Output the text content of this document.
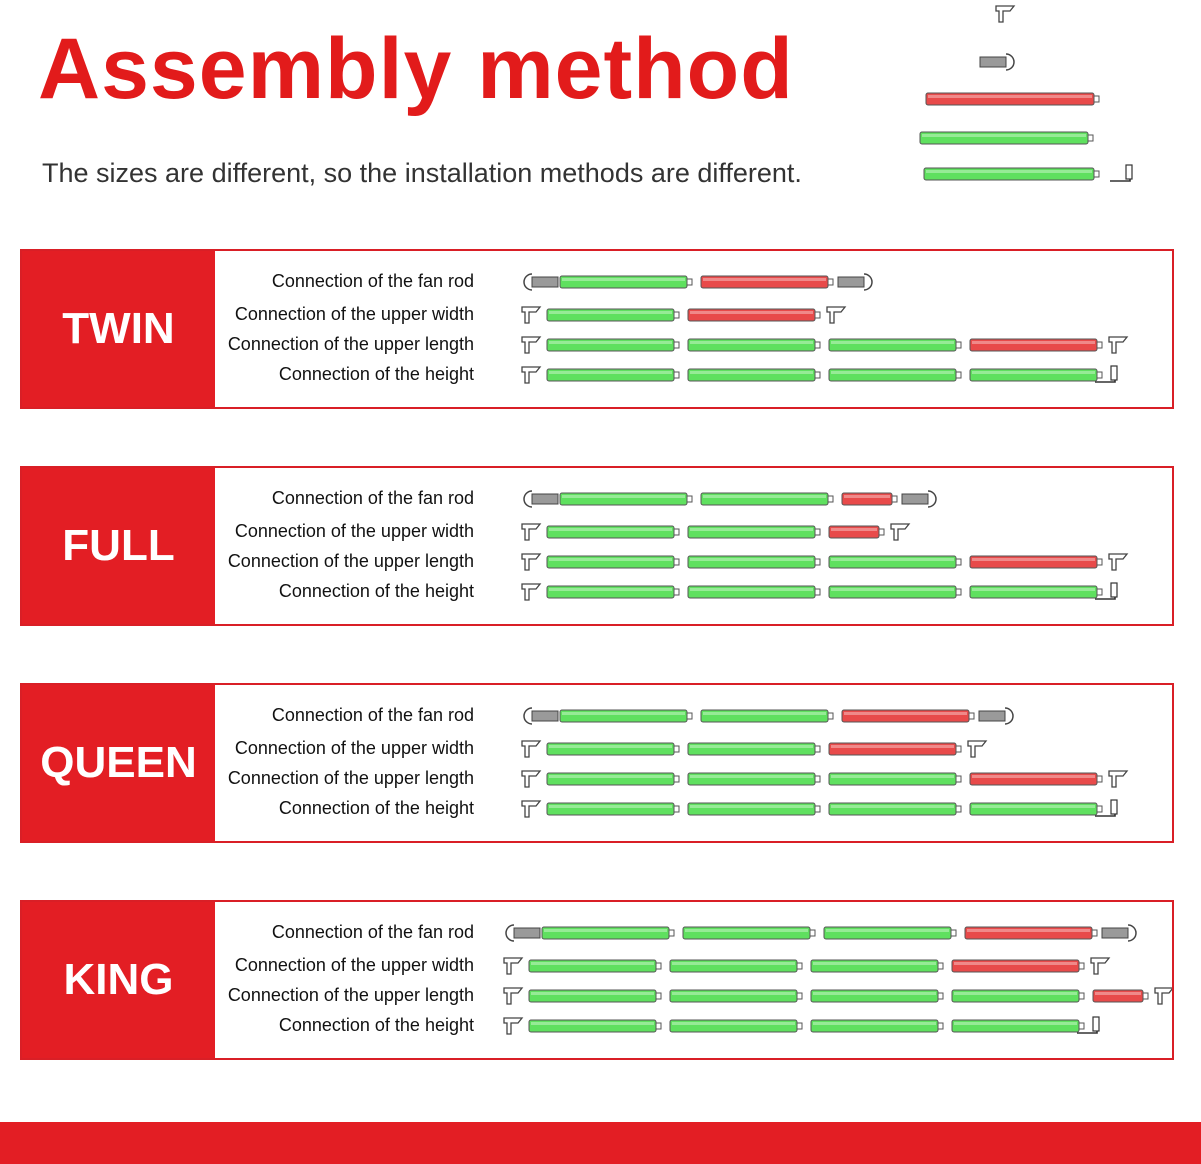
Assembly method
The sizes are different, so the installation methods are different.
TWIN
Connection of the fan rod
Connection of the upper width
Connection of the upper length
Connection of the height
FULL
Connection of the fan rod
Connection of the upper width
Connection of the upper length
Connection of the height
QUEEN
Connection of the fan rod
Connection of the upper width
Connection of the upper length
Connection of the height
KING
Connection of the fan rod
Connection of the upper width
Connection of the upper length
Connection of the height
